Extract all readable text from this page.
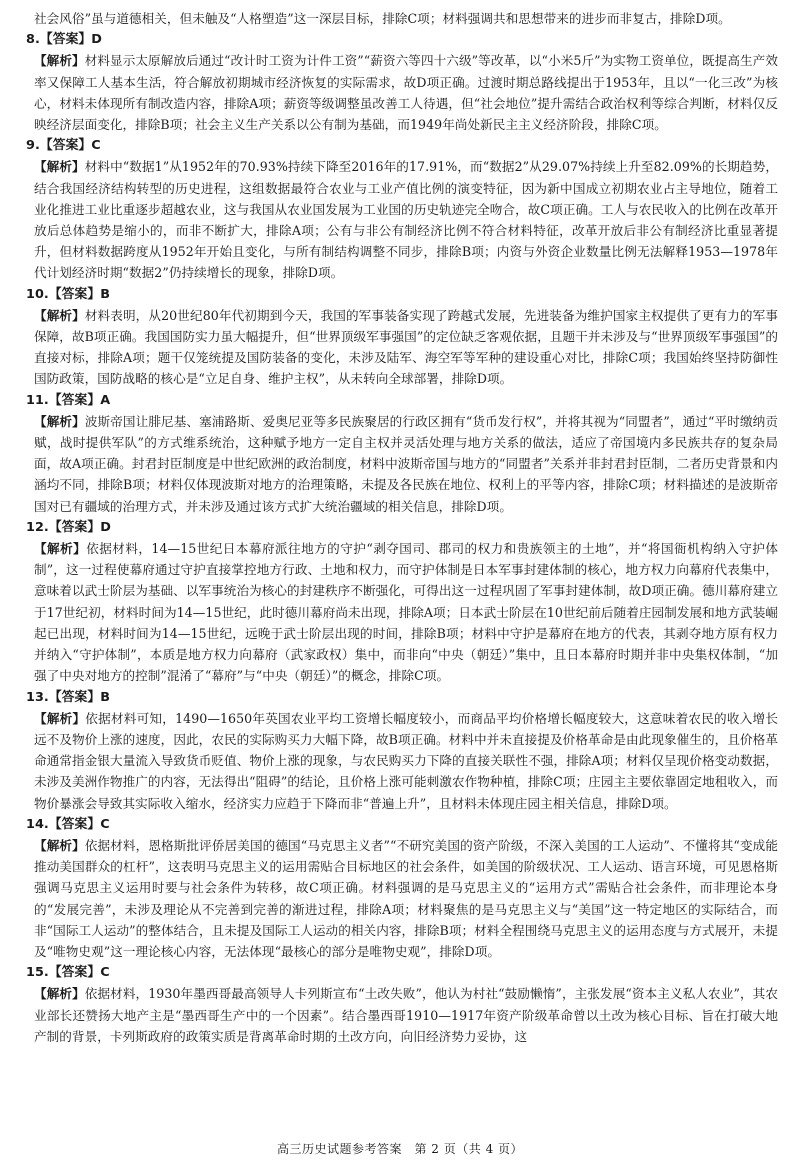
社会风俗”虽与道德相关，但未触及“人格塑造”这一深层目标，排除C项；材料强调共和思想带来的进步而非复古，排除D项。

8.【答案】D

【解析】材料显示太原解放后通过“改计时工资为计件工资”“薪资六等四十六级”等改革，以“小米5斤”为实物工资单位，既提高生产效率又保障工人基本生活，符合解放初期城市经济恢复的实际需求，故D项正确。过渡时期总路线提出于1953年，且以“一化三改”为核心，材料未体现所有制改造内容，排除A项；薪资等级调整虽改善工人待遇，但“社会地位”提升需结合政治权利等综合判断，材料仅反映经济层面变化，排除B项；社会主义生产关系以公有制为基础，而1949年尚处新民主主义经济阶段，排除C项。

9.【答案】C

【解析】材料中“数据1”从1952年的70.93%持续下降至2016年的17.91%，而“数据2”从29.07%持续上升至82.09%的长期趋势，结合我国经济结构转型的历史进程，这组数据最符合农业与工业产值比例的演变特征，因为新中国成立初期农业占主导地位，随着工业化推进工业比重逐步超越农业，这与我国从农业国发展为工业国的历史轨迹完全吻合，故C项正确。工人与农民收入的比例在改革开放后总体趋势是缩小的，而非不断扩大，排除A项；公有与非公有制经济比例不符合材料特征，改革开放后非公有制经济比重显著提升，但材料数据跨度从1952年开始且变化，与所有制结构调整不同步，排除B项；内资与外资企业数量比例无法解释1953—1978年代计划经济时期“数据2”仍持续增长的现象，排除D项。

10.【答案】B

【解析】材料表明，从20世纪80年代初期到今天，我国的军事装备实现了跨越式发展，先进装备为维护国家主权提供了更有力的军事保障，故B项正确。我国国防实力虽大幅提升，但“世界顶级军事强国”的定位缺乏客观依据，且题干并未涉及与“世界顶级军事强国”的直接对标，排除A项；题干仅笼统提及国防装备的变化，未涉及陆军、海空军等军种的建设重心对比，排除C项；我国始终坚持防御性国防政策，国防战略的核心是“立足自身、维护主权”，从未转向全球部署，排除D项。

11.【答案】A

【解析】波斯帝国让腓尼基、塞浦路斯、爱奥尼亚等多民族聚居的行政区拥有“货币发行权”，并将其视为“同盟者”，通过“平时缴纳贡赋，战时提供军队”的方式维系统治，这种赋予地方一定自主权并灵活处理与地方关系的做法，适应了帝国境内多民族共存的复杂局面，故A项正确。封君封臣制度是中世纪欧洲的政治制度，材料中波斯帝国与地方的“同盟者”关系并非封君封臣制，二者历史背景和内涵均不同，排除B项；材料仅体现波斯对地方的治理策略，未提及各民族在地位、权利上的平等内容，排除C项；材料描述的是波斯帝国对已有疆域的治理方式，并未涉及通过该方式扩大统治疆域的相关信息，排除D项。

12.【答案】D

【解析】依据材料，14—15世纪日本幕府派往地方的守护“剥夺国司、郡司的权力和贵族领主的土地”，并“将国衙机构纳入守护体制”，这一过程使幕府通过守护直接掌控地方行政、土地和权力，而守护体制是日本军事封建体制的核心，地方权力向幕府代表集中，意味着以武士阶层为基础、以军事统治为核心的封建秩序不断强化，可得出这一过程巩固了军事封建体制，故D项正确。德川幕府建立于17世纪初，材料时间为14—15世纪，此时德川幕府尚未出现，排除A项；日本武士阶层在10世纪前后随着庄园制发展和地方武装崛起已出现，材料时间为14—15世纪，远晚于武士阶层出现的时间，排除B项；材料中守护是幕府在地方的代表，其剥夺地方原有权力并纳入“守护体制”，本质是地方权力向幕府（武家政权）集中，而非向“中央（朝廷）”集中，且日本幕府时期并非中央集权体制，“加强了中央对地方的控制”混淆了“幕府”与“中央（朝廷）”的概念，排除C项。

13.【答案】B

【解析】依据材料可知，1490—1650年英国农业平均工资增长幅度较小，而商品平均价格增长幅度较大，这意味着农民的收入增长远不及物价上涨的速度，因此，农民的实际购买力大幅下降，故B项正确。材料中并未直接提及价格革命是由此现象催生的，且价格革命通常指金银大量流入导致货币贬值、物价上涨的现象，与农民购买力下降的直接关联性不强，排除A项；材料仅呈现价格变动数据，未涉及美洲作物推广的内容，无法得出“阻碍”的结论，且价格上涨可能刺激农作物种植，排除C项；庄园主主要依靠固定地租收入，而物价暴涨会导致其实际收入缩水，经济实力应趋于下降而非“普遍上升”，且材料未体现庄园主相关信息，排除D项。

14.【答案】C

【解析】依据材料，恩格斯批评侨居美国的德国“马克思主义者”“不研究美国的资产阶级，不深入美国的工人运动”、不懂将其“变成能推动美国群众的杠杆”，这表明马克思主义的运用需贴合目标地区的社会条件，如美国的阶级状况、工人运动、语言环境，可见恩格斯强调马克思主义运用时要与社会条件为转移，故C项正确。材料强调的是马克思主义的“运用方式”需贴合社会条件，而非理论本身的“发展完善”，未涉及理论从不完善到完善的渐进过程，排除A项；材料聚焦的是马克思主义与“美国”这一特定地区的实际结合，而非“国际工人运动”的整体结合，且未提及国际工人运动的相关内容，排除B项；材料全程围绕马克思主义的运用态度与方式展开，未提及“唯物史观”这一理论核心内容，无法体现“最核心的部分是唯物史观”，排除D项。

15.【答案】C

【解析】依据材料，1930年墨西哥最高领导人卡列斯宣布“土改失败”，他认为村社“鼓励懒惰”，主张发展“资本主义私人农业”，其农业部长还赞扬大地产主是“墨西哥生产中的一个因素”。结合墨西哥1910—1917年资产阶级革命曾以土改为核心目标、旨在打破大地产制的背景，卡列斯政府的政策实质是背离革命时期的土改方向，向旧经济势力妥协，这

高三历史试题参考答案　第 2 页（共 4 页）
